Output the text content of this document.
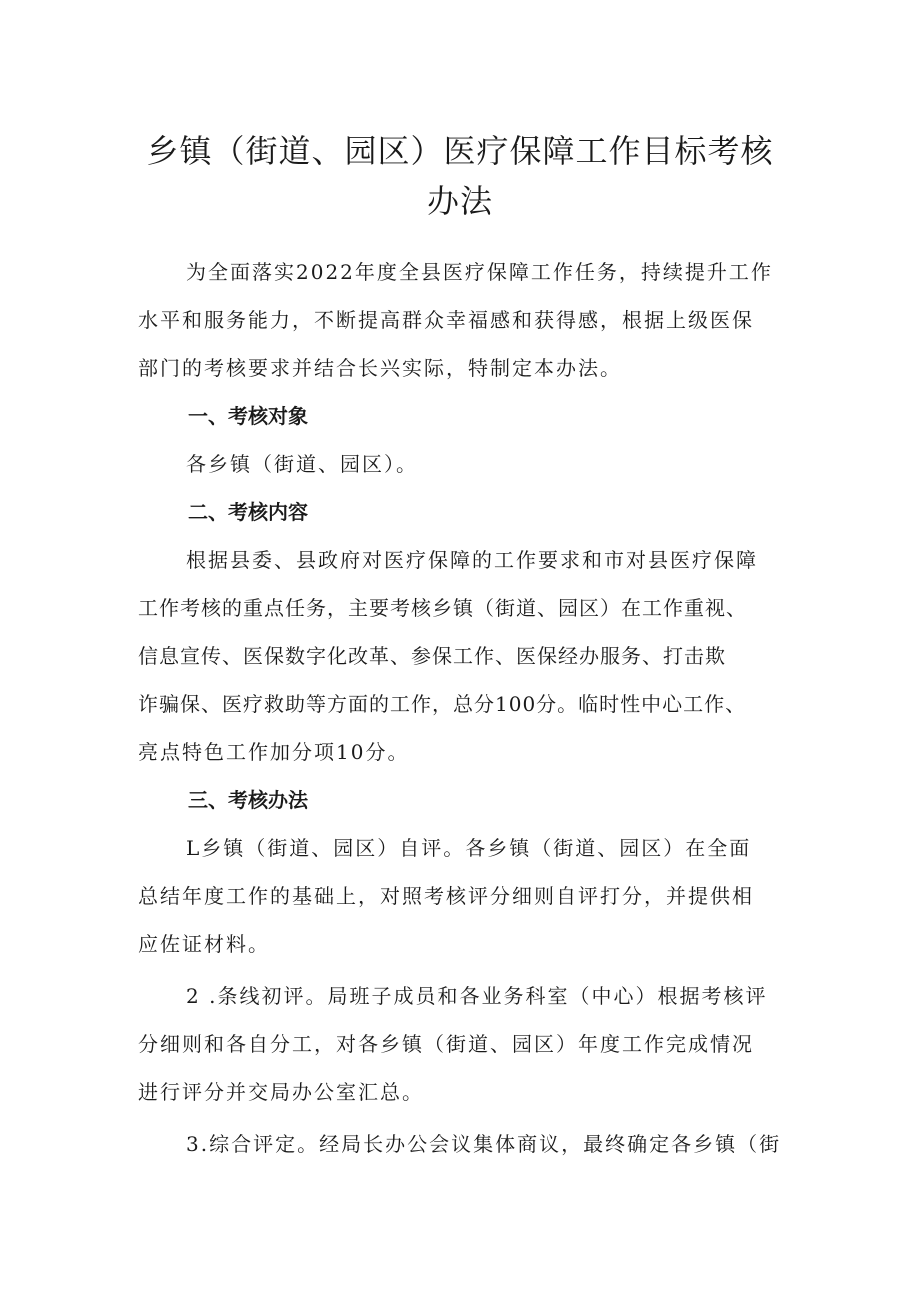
乡镇（街道、园区）医疗保障工作目标考核
办法
为全面落实2022年度全县医疗保障工作任务，持续提升工作
水平和服务能力，不断提高群众幸福感和获得感，根据上级医保
部门的考核要求并结合长兴实际，特制定本办法。
一、考核对象
各乡镇（街道、园区）。
二、考核内容
根据县委、县政府对医疗保障的工作要求和市对县医疗保障
工作考核的重点任务，主要考核乡镇（街道、园区）在工作重视、
信息宣传、医保数字化改革、参保工作、医保经办服务、打击欺
诈骗保、医疗救助等方面的工作，总分100分。临时性中心工作、
亮点特色工作加分项10分。
三、考核办法
L乡镇（街道、园区）自评。各乡镇（街道、园区）在全面
总结年度工作的基础上，对照考核评分细则自评打分，并提供相
应佐证材料。
2 .条线初评。局班子成员和各业务科室（中心）根据考核评
分细则和各自分工，对各乡镇（街道、园区）年度工作完成情况
进行评分并交局办公室汇总。
3.综合评定。经局长办公会议集体商议，最终确定各乡镇（街
